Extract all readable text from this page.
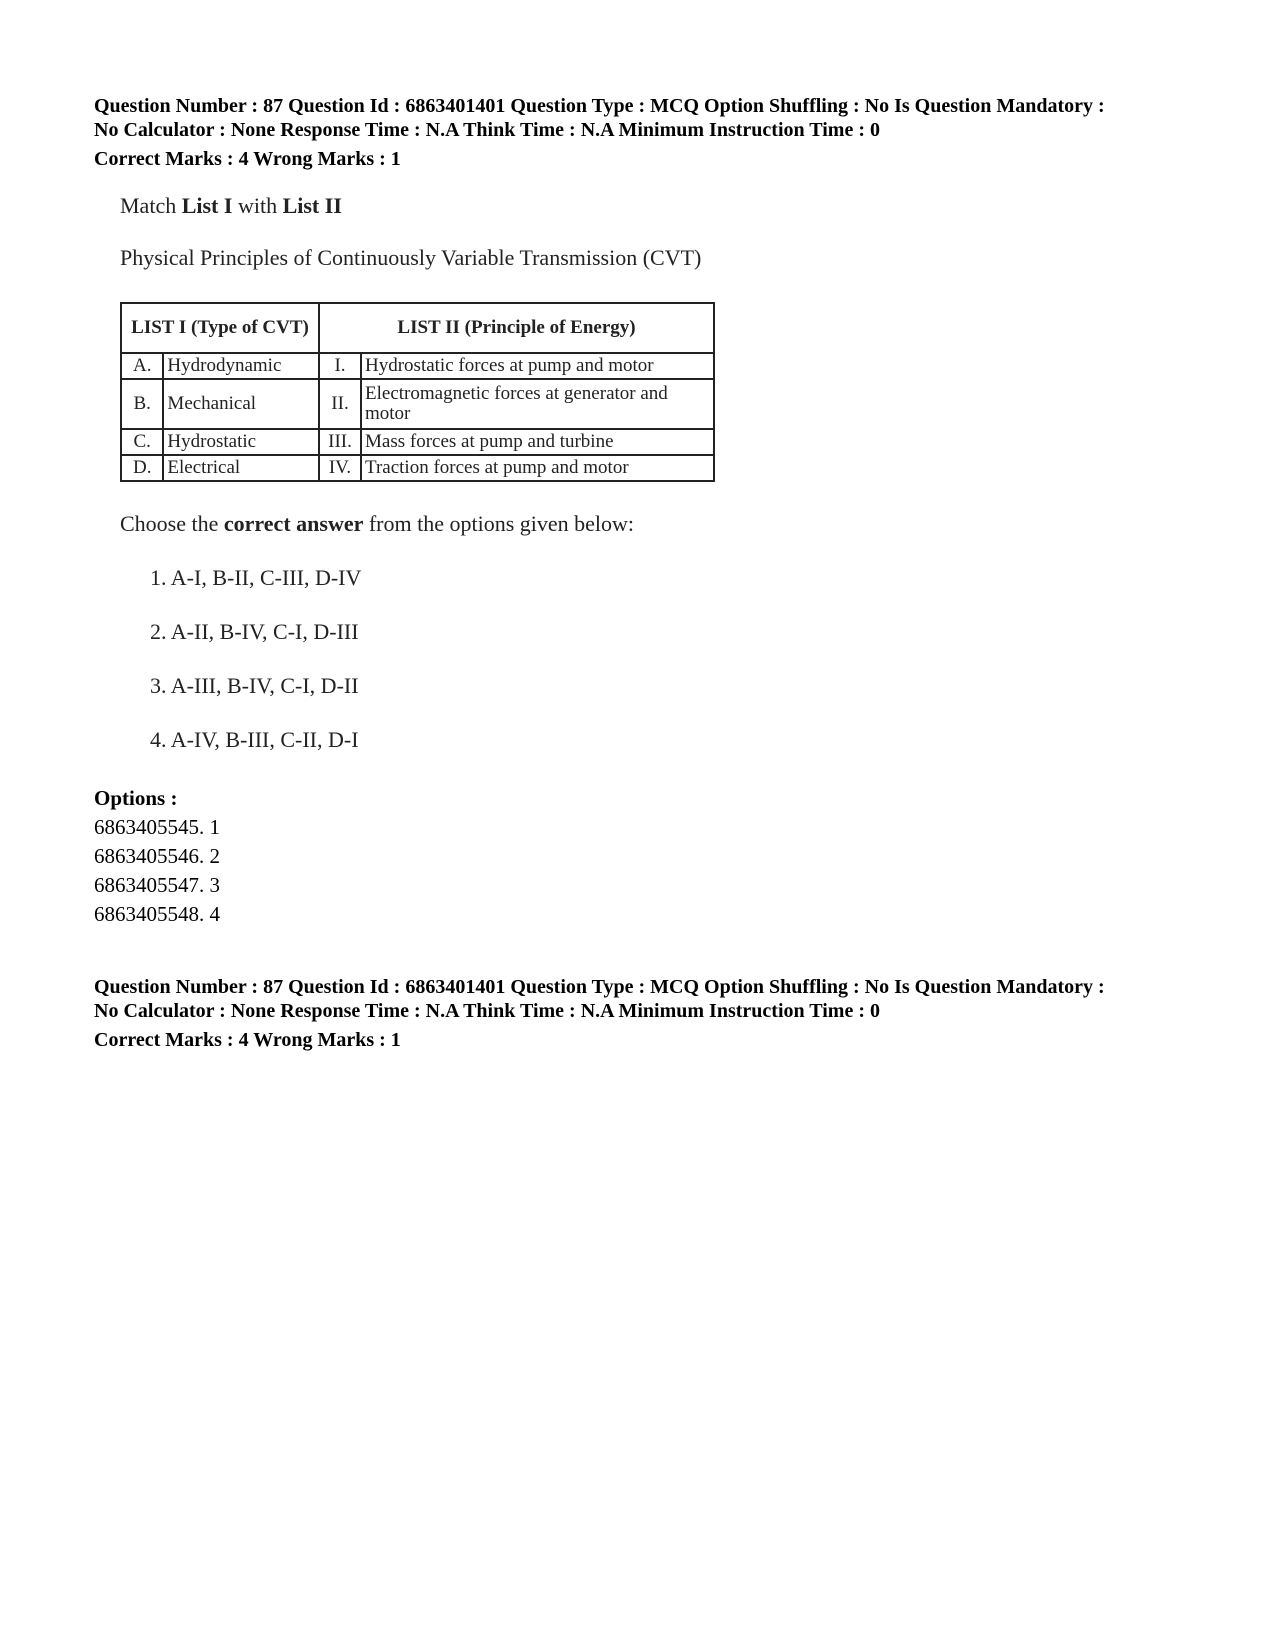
Question Number : 87 Question Id : 6863401401 Question Type : MCQ Option Shuffling : No Is Question Mandatory :
No Calculator : None Response Time : N.A Think Time : N.A Minimum Instruction Time : 0
Correct Marks : 4 Wrong Marks : 1
Match List I with List II
Physical Principles of Continuously Variable Transmission (CVT)
LIST I (Type of CVT)		LIST II (Principle of Energy)	
A.	Hydrodynamic	I.	Hydrostatic forces at pump and motor
B.	Mechanical	II.	Electromagnetic forces at generator and motor
C.	Hydrostatic	III.	Mass forces at pump and turbine
D.	Electrical	IV.	Traction forces at pump and motor
Choose the correct answer from the options given below:
1. A-I, B-II, C-III, D-IV
2. A-II, B-IV, C-I, D-III
3. A-III, B-IV, C-I, D-II
4. A-IV, B-III, C-II, D-I
Options :
6863405545. 1
6863405546. 2
6863405547. 3
6863405548. 4
Question Number : 87 Question Id : 6863401401 Question Type : MCQ Option Shuffling : No Is Question Mandatory :
No Calculator : None Response Time : N.A Think Time : N.A Minimum Instruction Time : 0
Correct Marks : 4 Wrong Marks : 1
